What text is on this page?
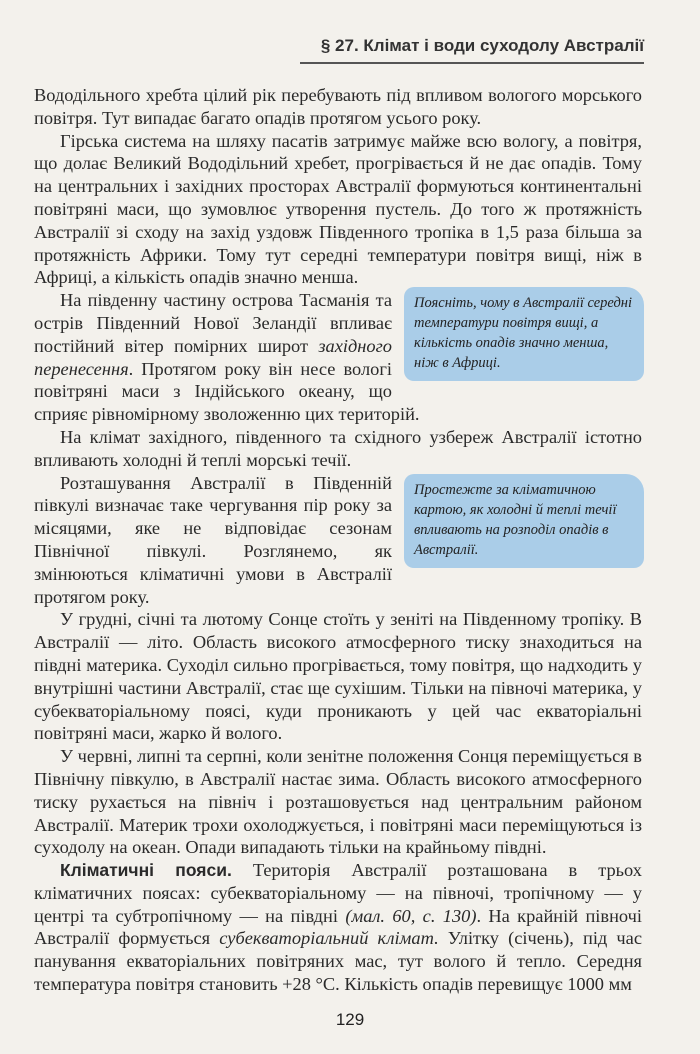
§ 27. Клімат і води суходолу Австралії

Вододільного хребта цілий рік перебувають під впливом вологого морського повітря. Тут випадає багато опадів протягом усього року.

Гірська система на шляху пасатів затримує майже всю вологу, а повітря, що долає Великий Вододільний хребет, прогрівається й не дає опадів. Тому на центральних і західних просторах Австралії формуються континентальні повітряні маси, що зумовлює утворення пустель. До того ж протяжність Австралії зі сходу на захід уздовж Південного тропіка в 1,5 раза більша за протяжність Африки. Тому тут середні температури повітря вищі, ніж в Африці, а кількість опадів значно менша.

Поясніть, чому в Австралії середні температури повітря вищі, а кількість опадів значно менша, ніж в Африці.

На південну частину острова Тасманія та острів Південний Нової Зеландії впливає постійний вітер помірних широт західного перенесення. Протягом року він несе вологі повітряні маси з Індійського океану, що сприяє рівномірному зволоженню цих територій.

На клімат західного, південного та східного узбереж Австралії істотно впливають холодні й теплі морські течії.

Простежте за кліматичною картою, як холодні й теплі течії впливають на розподіл опадів в Австралії.

Розташування Австралії в Південній півкулі визначає таке чергування пір року за місяцями, яке не відповідає сезонам Північної півкулі. Розглянемо, як змінюються кліматичні умови в Австралії протягом року.

У грудні, січні та лютому Сонце стоїть у зеніті на Південному тропіку. В Австралії — літо. Область високого атмосферного тиску знаходиться на півдні материка. Суходіл сильно прогрівається, тому повітря, що надходить у внутрішні частини Австралії, стає ще сухішим. Тільки на півночі материка, у субекваторіальному поясі, куди проникають у цей час екваторіальні повітряні маси, жарко й волого.

У червні, липні та серпні, коли зенітне положення Сонця переміщується в Північну півкулю, в Австралії настає зима. Область високого атмосферного тиску рухається на північ і розташовується над центральним районом Австралії. Материк трохи охолоджується, і повітряні маси переміщуються із суходолу на океан. Опади випадають тільки на крайньому півдні.

Кліматичні пояси. Територія Австралії розташована в трьох кліматичних поясах: субекваторіальному — на півночі, тропічному — у центрі та субтропічному — на півдні (мал. 60, с. 130). На крайній півночі Австралії формується субекваторіальний клімат. Улітку (січень), під час панування екваторіальних повітряних мас, тут волого й тепло. Середня температура повітря становить +28 °С. Кількість опадів перевищує 1000 мм

129
